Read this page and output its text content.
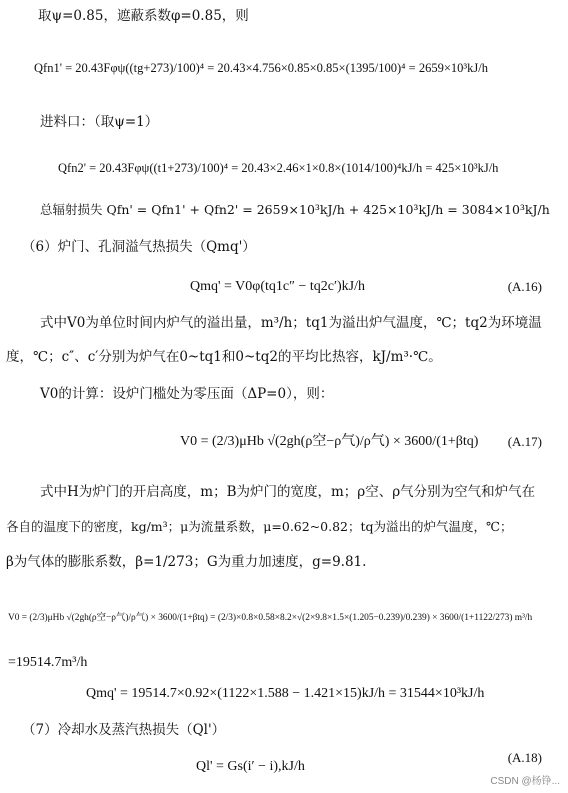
取ψ=0.85，遮蔽系数φ=0.85，则
Qfn1' = 20.43Fφψ((tg+273)/100)⁴ = 20.43×4.756×0.85×0.85×(1395/100)⁴ = 2659×10³kJ/h
进料口：（取ψ=1）
Qfn2' = 20.43Fφψ((t1+273)/100)⁴ = 20.43×2.46×1×0.8×(1014/100)⁴kJ/h = 425×10³kJ/h
总辐射损失 Qfn' = Qfn1' + Qfn2' = 2659×10³kJ/h + 425×10³kJ/h = 3084×10³kJ/h
（6）炉门、孔洞溢气热损失（Qmq'）
Qmq' = V0φ(tq1c″ − tq2c′)kJ/h	(A.16)
式中V0为单位时间内炉气的溢出量，m³/h；tq1为溢出炉气温度，℃；tq2为环境温
度，℃；c″、c′分别为炉气在0~tq1和0~tq2的平均比热容，kJ/m³·℃。
V0的计算：设炉门槛处为零压面（ΔP=0），则：
V0 = (2/3)μHb √(2gh(ρ空−ρ气)/ρ气) × 3600/(1+βtq) (A.17)
式中H为炉门的开启高度，m；B为炉门的宽度，m；ρ空、ρ气分别为空气和炉气在
各自的温度下的密度，kg/m³；μ为流量系数，μ=0.62~0.82；tq为溢出的炉气温度，℃；
β为气体的膨胀系数，β=1/273；G为重力加速度，g=9.81.
V0 = (2/3)μHb √(2gh(ρ空−ρ气)/ρ气) × 3600/(1+βtq) = (2/3)×0.8×0.58×8.2×√(2×9.8×1.5×(1.205−0.239)/0.239) × 3600/(1+1122/273) m³/h
=19514.7m³/h
Qmq' = 19514.7×0.92×(1122×1.588 − 1.421×15)kJ/h = 31544×10³kJ/h
（7）冷却水及蒸汽热损失（Ql'）
Ql' = Gs(i′ − i),kJ/h
(A.18)
CSDN @杨铮...
